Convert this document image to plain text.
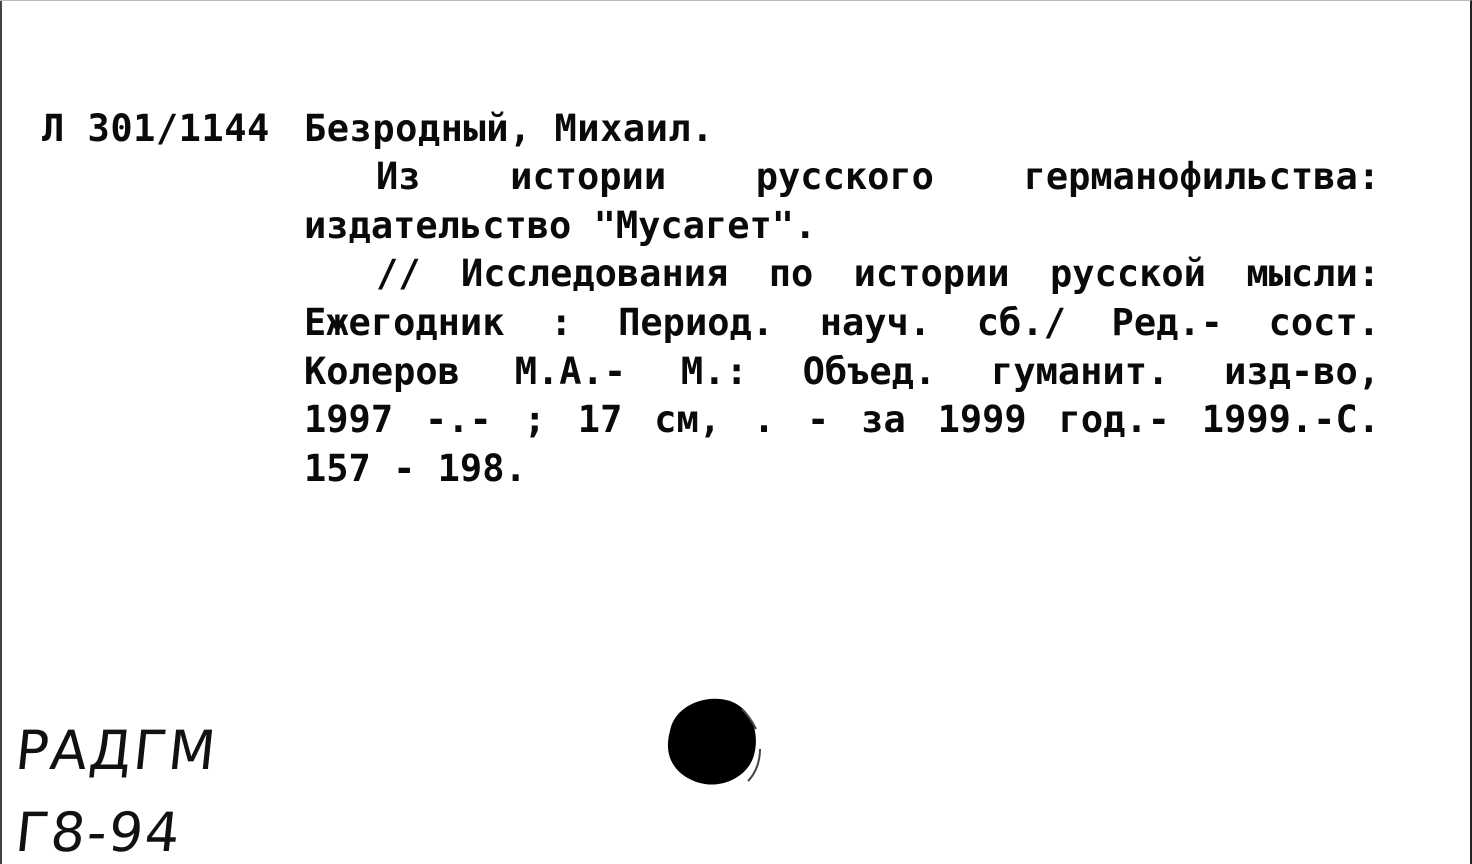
Л 301/1144 Безродный, Михаил.
Из истории русского германофильства:
издательство "Мусагет".
// Исследования по истории русской мысли:
Ежегодник : Период. науч. сб./ Ред.- сост.
Колеров М.А.- М.: Объед. гуманит. изд-во,
1997 -.- ; 17 см, . - за 1999 год.- 1999.-С.
157 - 198.
РАДГМ
Г8-94
